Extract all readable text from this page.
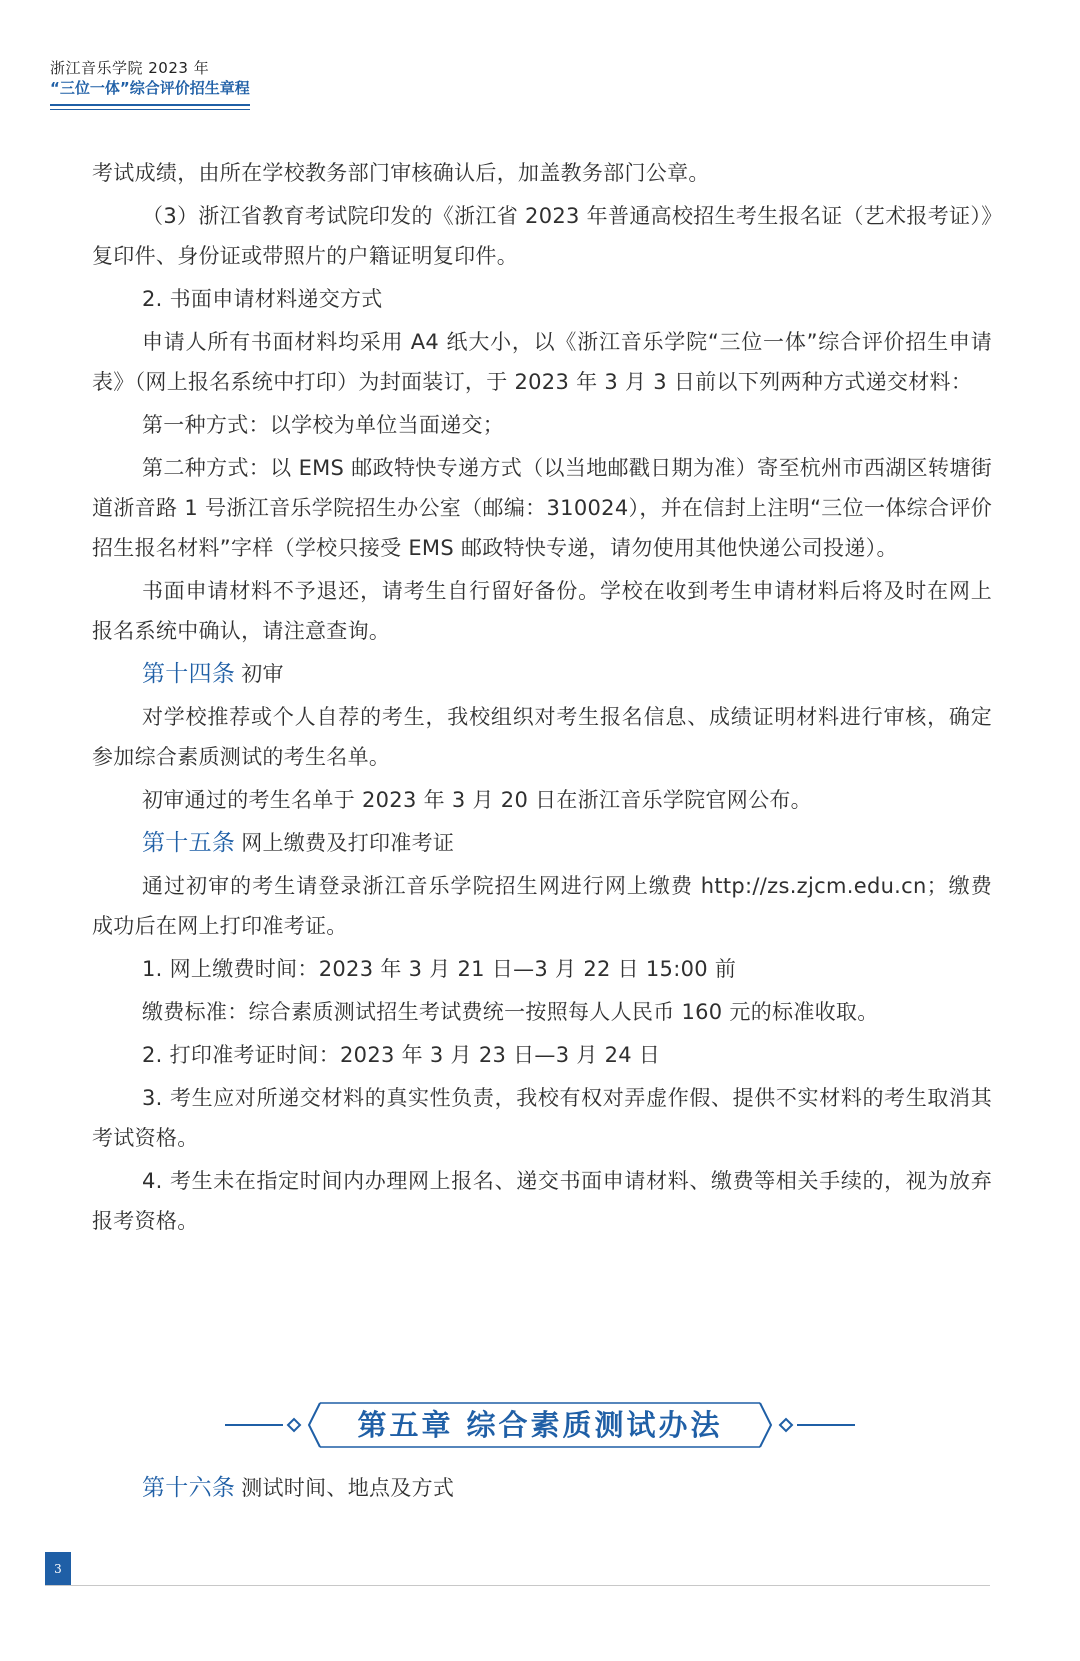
浙江音乐学院 2023 年
“三位一体”综合评价招生章程

考试成绩，由所在学校教务部门审核确认后，加盖教务部门公章。

（3）浙江省教育考试院印发的《浙江省 2023 年普通高校招生考生报名证（艺术报考证）》复印件、身份证或带照片的户籍证明复印件。

2. 书面申请材料递交方式

申请人所有书面材料均采用 A4 纸大小，以《浙江音乐学院“三位一体”综合评价招生申请表》（网上报名系统中打印）为封面装订，于 2023 年 3 月 3 日前以下列两种方式递交材料：

第一种方式：以学校为单位当面递交；

第二种方式：以 EMS 邮政特快专递方式（以当地邮戳日期为准）寄至杭州市西湖区转塘街道浙音路 1 号浙江音乐学院招生办公室（邮编：310024），并在信封上注明“三位一体综合评价招生报名材料”字样（学校只接受 EMS 邮政特快专递，请勿使用其他快递公司投递）。

书面申请材料不予退还，请考生自行留好备份。学校在收到考生申请材料后将及时在网上报名系统中确认，请注意查询。

第十四条 初审

对学校推荐或个人自荐的考生，我校组织对考生报名信息、成绩证明材料进行审核，确定参加综合素质测试的考生名单。

初审通过的考生名单于 2023 年 3 月 20 日在浙江音乐学院官网公布。

第十五条 网上缴费及打印准考证

通过初审的考生请登录浙江音乐学院招生网进行网上缴费 http://zs.zjcm.edu.cn；缴费成功后在网上打印准考证。

1. 网上缴费时间：2023 年 3 月 21 日—3 月 22 日 15:00 前

缴费标准：综合素质测试招生考试费统一按照每人人民币 160 元的标准收取。

2. 打印准考证时间：2023 年 3 月 23 日—3 月 24 日

3. 考生应对所递交材料的真实性负责，我校有权对弄虚作假、提供不实材料的考生取消其考试资格。

4. 考生未在指定时间内办理网上报名、递交书面申请材料、缴费等相关手续的，视为放弃报考资格。

第五章 综合素质测试办法

第十六条 测试时间、地点及方式

3
